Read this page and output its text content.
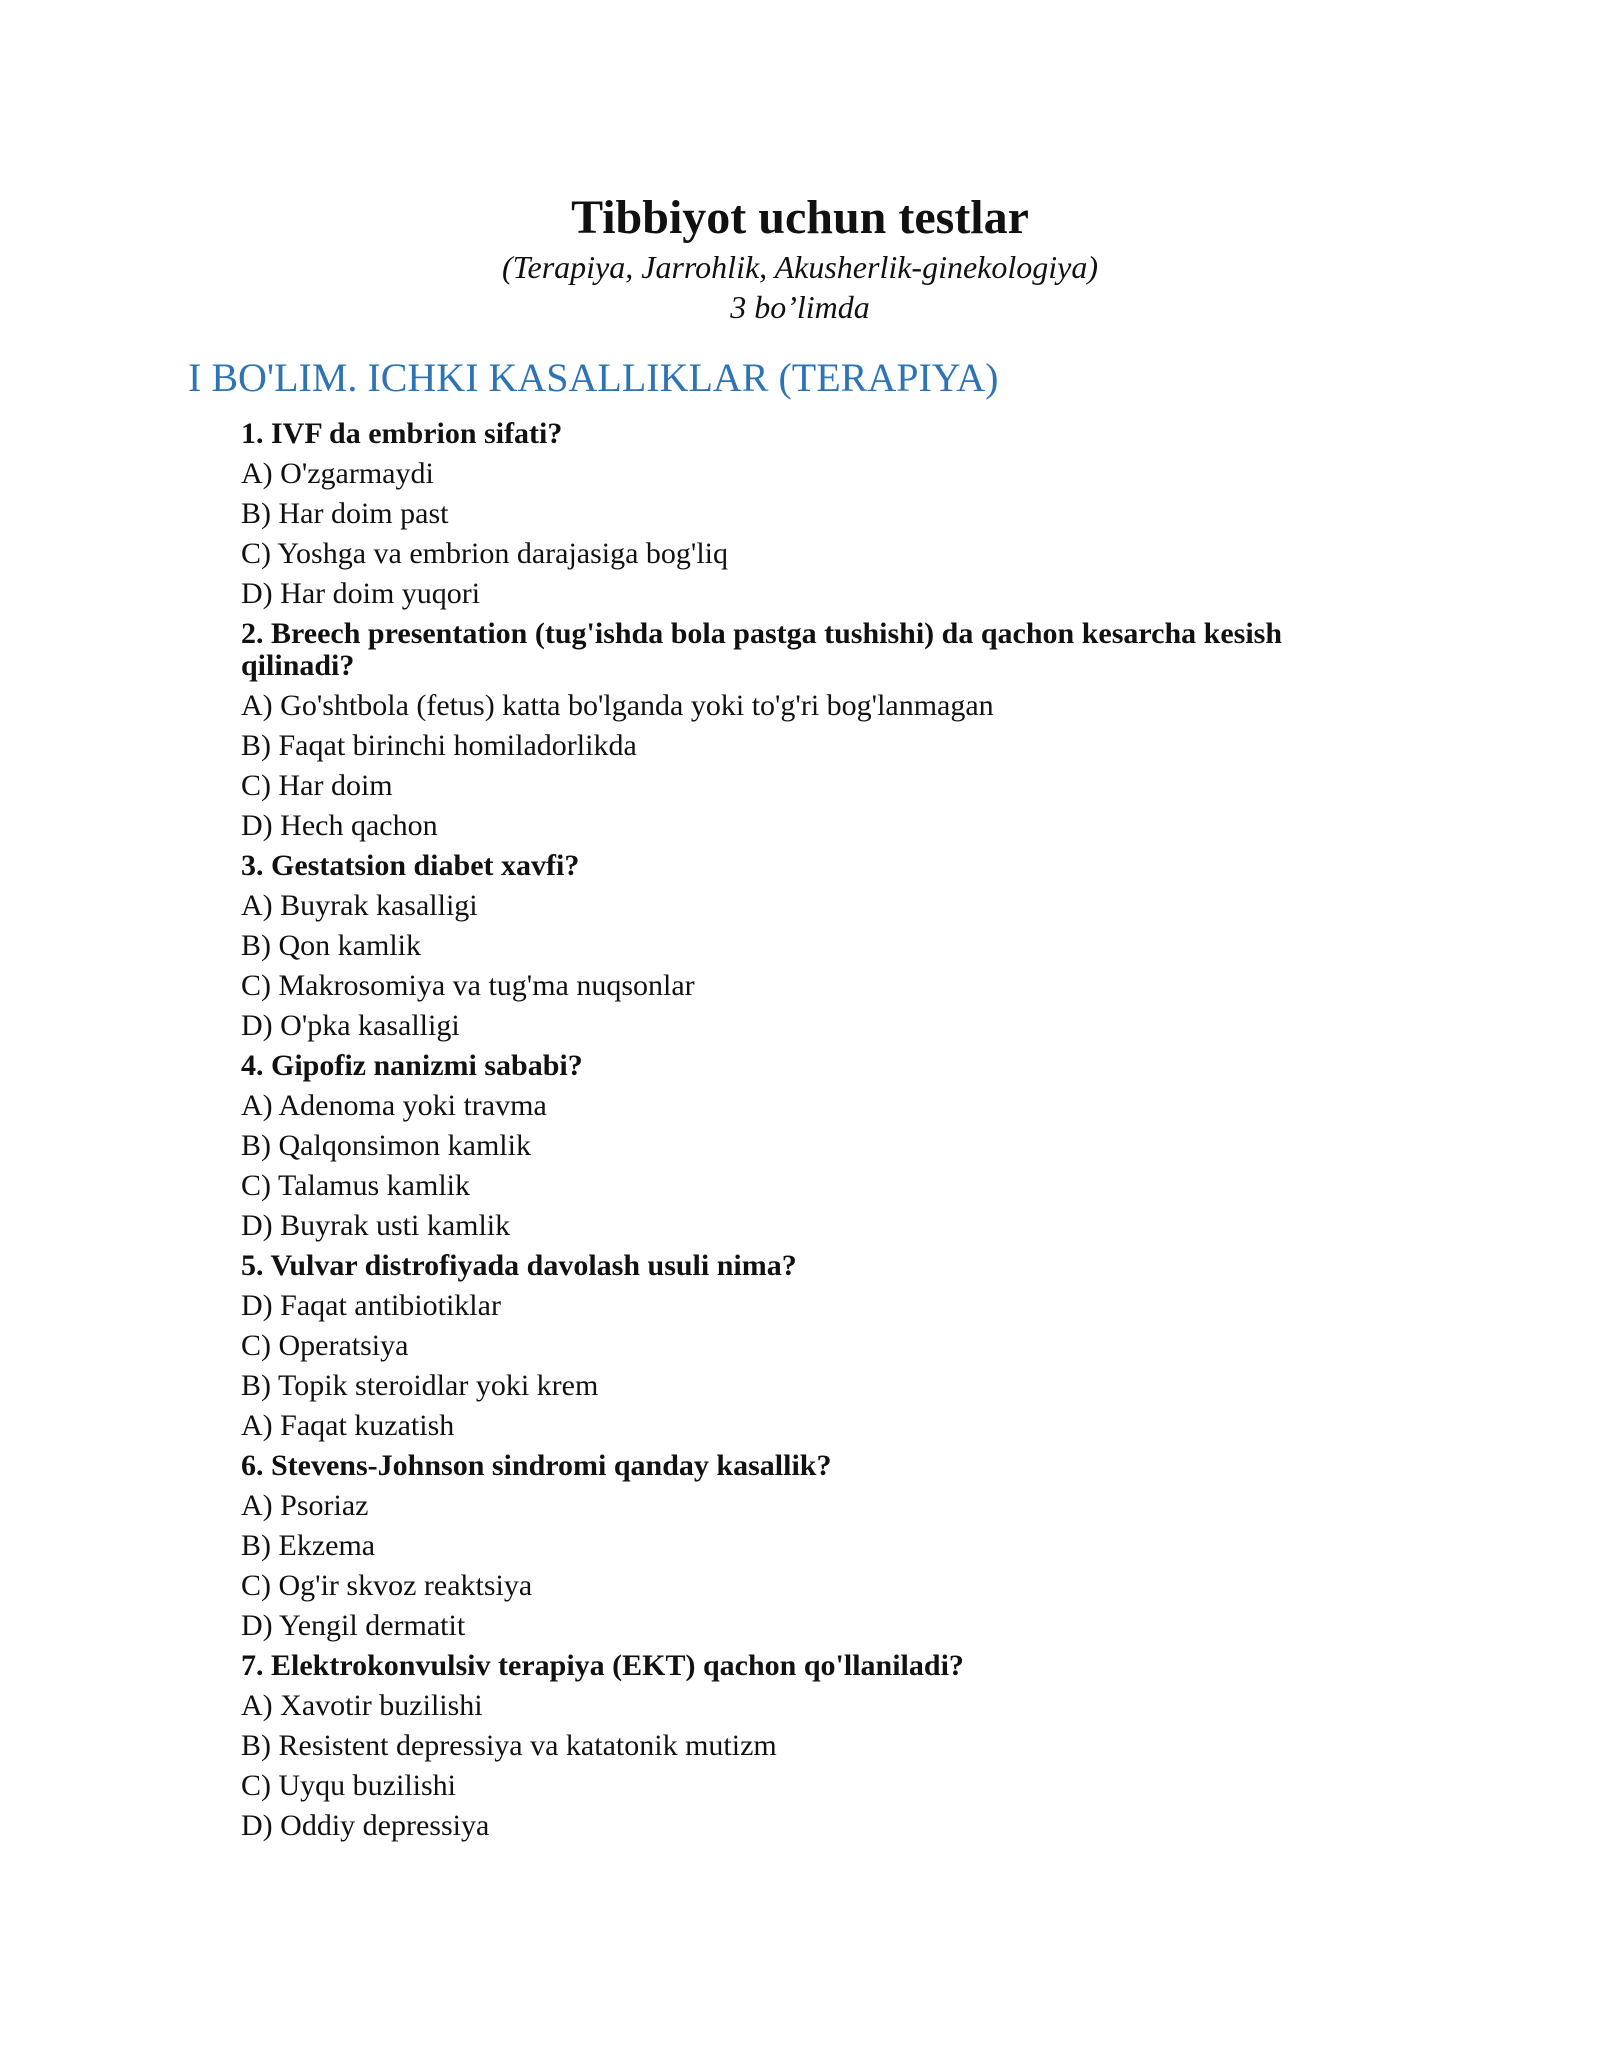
Tibbiyot uchun testlar

(Terapiya, Jarrohlik, Akusherlik-ginekologiya)

3 bo’limda

I BO'LIM. ICHKI KASALLIKLAR (TERAPIYA)
1. IVF da embrion sifati?
A) O'zgarmaydi
B) Har doim past
C) Yoshga va embrion darajasiga bog'liq
D) Har doim yuqori
2. Breech presentation (tug'ishda bola pastga tushishi) da qachon kesarcha kesish qilinadi?
A) Go'shtbola (fetus) katta bo'lganda yoki to'g'ri bog'lanmagan
B) Faqat birinchi homiladorlikda
C) Har doim
D) Hech qachon
3. Gestatsion diabet xavfi?
A) Buyrak kasalligi
B) Qon kamlik
C) Makrosomiya va tug'ma nuqsonlar
D) O'pka kasalligi
4. Gipofiz nanizmi sababi?
A) Adenoma yoki travma
B) Qalqonsimon kamlik
C) Talamus kamlik
D) Buyrak usti kamlik
5. Vulvar distrofiyada davolash usuli nima?
D) Faqat antibiotiklar
C) Operatsiya
B) Topik steroidlar yoki krem
A) Faqat kuzatish
6. Stevens-Johnson sindromi qanday kasallik?
A) Psoriaz
B) Ekzema
C) Og'ir skvoz reaktsiya
D) Yengil dermatit
7. Elektrokonvulsiv terapiya (EKT) qachon qo'llaniladi?
A) Xavotir buzilishi
B) Resistent depressiya va katatonik mutizm
C) Uyqu buzilishi
D) Oddiy depressiya
